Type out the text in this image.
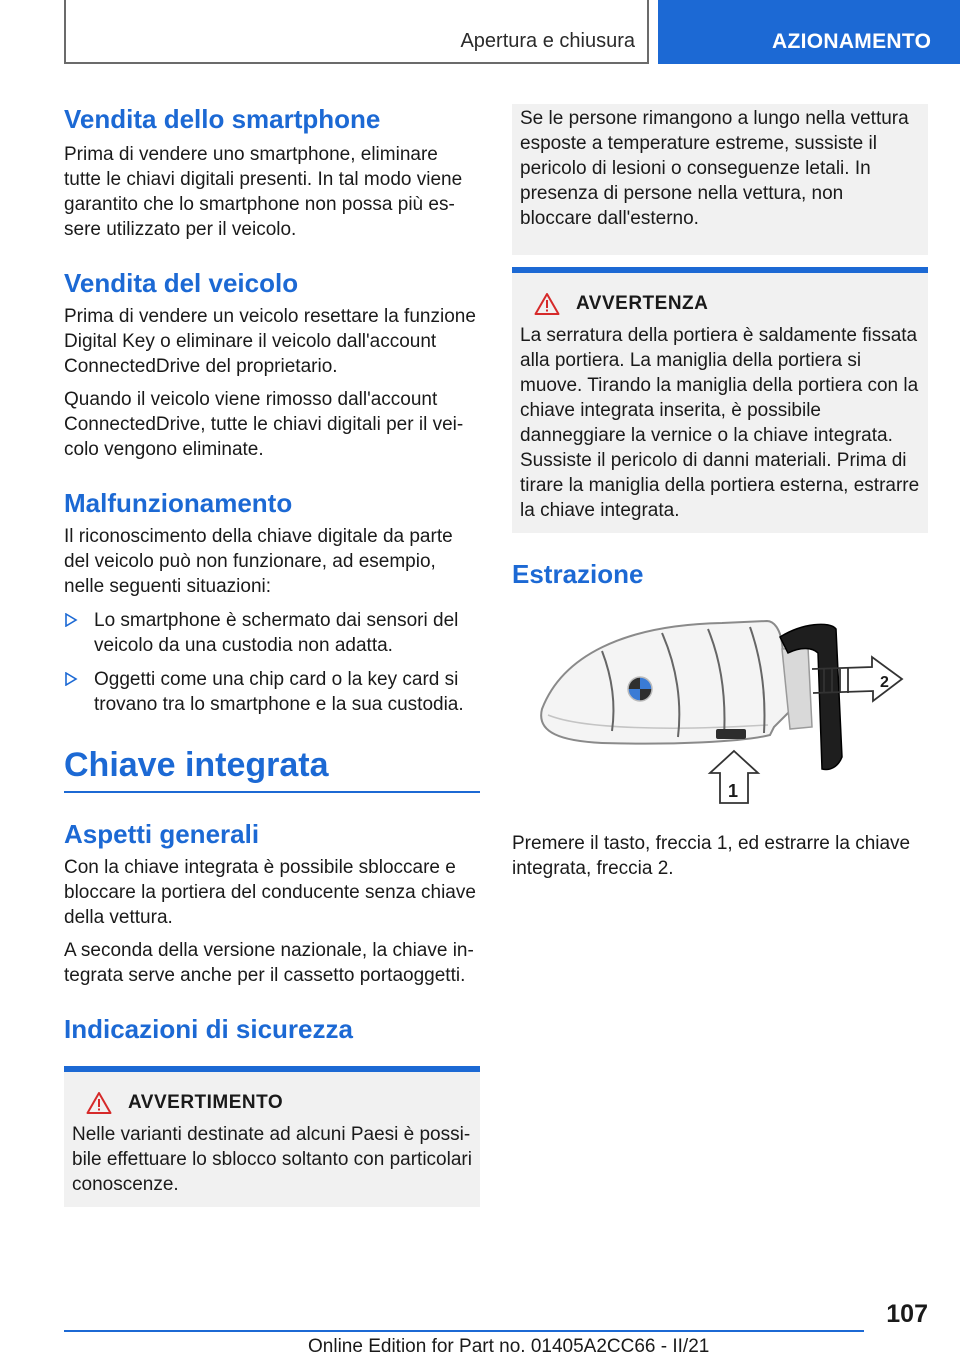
Apertura e chiusura	AZIONAMENTO
Vendita dello smartphone

Prima di vendere uno smartphone, eliminare tutte le chiavi digitali presenti. In tal modo viene garantito che lo smartphone non possa più essere utilizzato per il veicolo.

Vendita del veicolo

Prima di vendere un veicolo resettare la funzione Digital Key o eliminare il veicolo dall'account ConnectedDrive del proprietario.

Quando il veicolo viene rimosso dall'account ConnectedDrive, tutte le chiavi digitali per il veicolo vengono eliminate.

Malfunzionamento

Il riconoscimento della chiave digitale da parte del veicolo può non funzionare, ad esempio, nelle seguenti situazioni:

Lo smartphone è schermato dai sensori del veicolo da una custodia non adatta.
Oggetti come una chip card o la key card si trovano tra lo smartphone e la sua custodia.
Chiave integrata
Aspetti generali

Con la chiave integrata è possibile sbloccare e bloccare la portiera del conducente senza chiave della vettura.

A seconda della versione nazionale, la chiave integrata serve anche per il cassetto portaoggetti.

Indicazioni di sicurezza
AVVERTIMENTO

Nelle varianti destinate ad alcuni Paesi è possibile effettuare lo sblocco soltanto con particolari conoscenze.

Se le persone rimangono a lungo nella vettura esposte a temperature estreme, sussiste il pericolo di lesioni o conseguenze letali. In presenza di persone nella vettura, non bloccare dall'esterno.

AVVERTENZA

La serratura della portiera è saldamente fissata alla portiera. La maniglia della portiera si muove. Tirando la maniglia della portiera con la chiave integrata inserita, è possibile danneggiare la vernice o la chiave integrata. Sussiste il pericolo di danni materiali. Prima di tirare la maniglia della portiera esterna, estrarre la chiave integrata.

Estrazione
2
1

Premere il tasto, freccia 1, ed estrarre la chiave integrata, freccia 2.

107
Online Edition for Part no. 01405A2CC66 - II/21
